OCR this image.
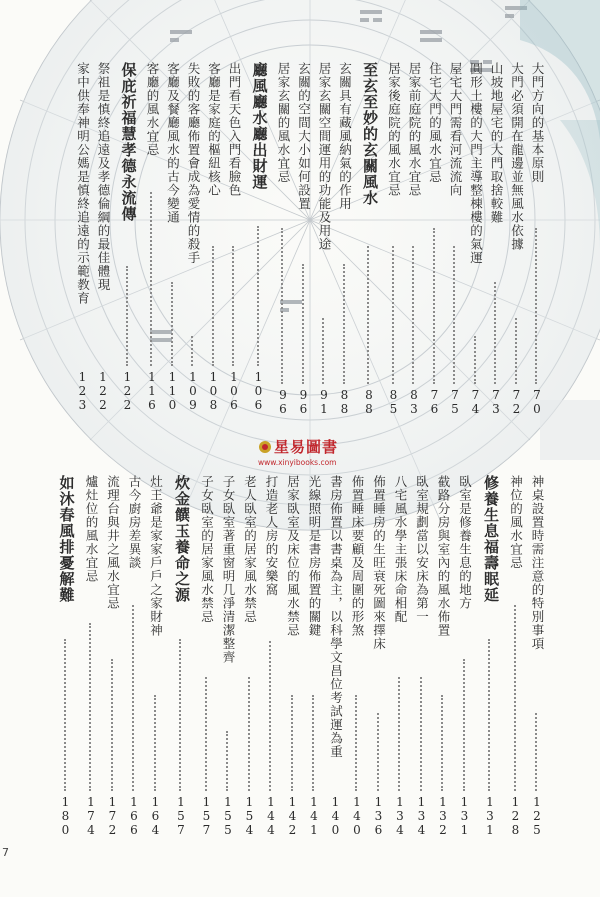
大門方向的基本原則
70
大門必須開在龍邊並無風水依據
72
山坡地屋宅的大門取捨較難
73
圓形土樓的大門主導整棟樓的氣運
74
屋宅大門需看河流流向
75
住宅大門的風水宜忌
76
居家前庭院的風水宜忌
83
居家後庭院的風水宜忌
85
至玄至妙的玄關風水
88
玄關具有藏風納氣的作用
88
居家玄關空間運用的功能及用途
91
玄關的空間大小如何設置
96
居家玄關的風水宜忌
96
廳風廳水廳出財運
106
出門看天色入門看臉色
106
客廳是家庭的樞紐核心
108
失敗的客廳佈置會成為愛情的殺手
109
客廳及餐廳風水的古今變通
110
客廳的風水宜忌
116
保庇祈福慧孝德永流傳
122
祭祖是慎終追遠及孝德倫綱的最佳體現
122
家中供奉神明公媽是慎終追遠的示範教育
123
神桌設置時需注意的特別事項
125
神位的風水宜忌
128
修養生息福壽眠延
131
臥室是修養生息的地方
131
截路分房與室內的風水佈置
132
臥室規劃當以安床為第一
134
八宅風水學主張床命相配
134
佈置睡房的生旺衰死圖來擇床
136
佈置睡床要顧及周圍的形煞
140
書房佈置以書桌為主，以科學文昌位考試運為重
140
光線照明是書房佈置的關鍵
141
居家臥室及床位的風水禁忌
142
打造老人房的安樂窩
144
老人臥室的居家風水禁忌
154
子女臥室著重窗明几淨清潔整齊
155
子女臥室的居家風水禁忌
157
炊金饌玉養命之源
157
灶王爺是家家戶戶之家財神
164
古今廚房差異談
166
流理台與井之風水宜忌
172
爐灶位的風水宜忌
174
如沐春風排憂解難
180
星易圖書
www.xinyibooks.com
7
